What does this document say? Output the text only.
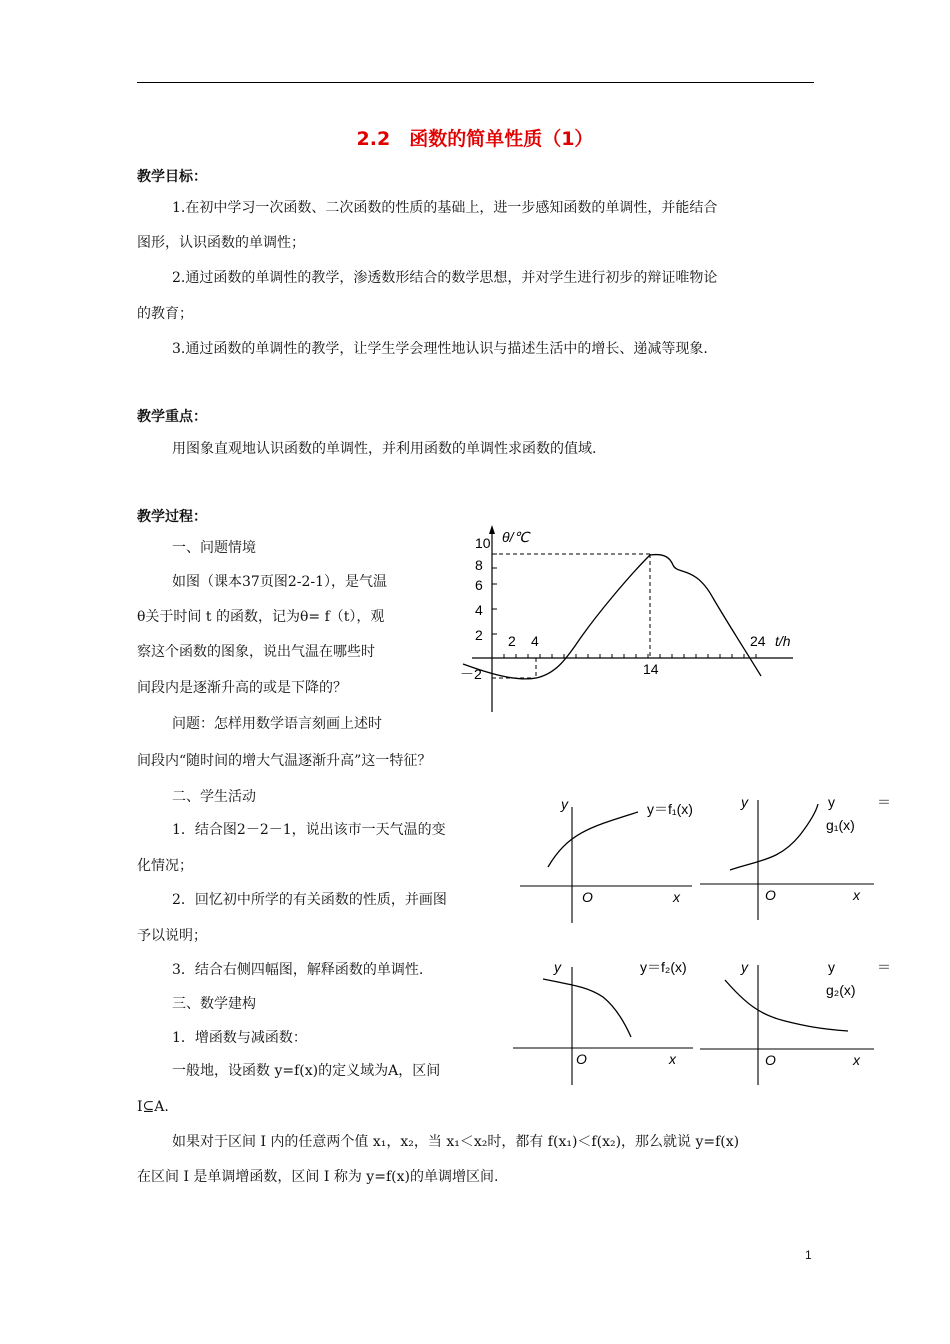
2.2　函数的简单性质（1）
教学目标：
1.在初中学习一次函数、二次函数的性质的基础上，进一步感知函数的单调性，并能结合
图形，认识函数的单调性；
2.通过函数的单调性的教学，渗透数形结合的数学思想，并对学生进行初步的辩证唯物论
的教育；
3.通过函数的单调性的教学，让学生学会理性地认识与描述生活中的增长、递减等现象.
教学重点：
用图象直观地认识函数的单调性，并利用函数的单调性求函数的值域.
教学过程：
一、问题情境
如图（课本37页图2-2-1），是气温
θ关于时间 t 的函数，记为θ= f（t），观
察这个函数的图象，说出气温在哪些时
间段内是逐渐升高的或是下降的？
问题：怎样用数学语言刻画上述时
间段内“随时间的增大气温逐渐升高”这一特征？
二、学生活动
1．结合图2－2－1，说出该市一天气温的变
化情况；
2．回忆初中所学的有关函数的性质，并画图
予以说明；
3．结合右侧四幅图，解释函数的单调性.
三、数学建构
1．增函数与减函数：
一般地，设函数 y=f(x)的定义域为A，区间
I⊆A.
如果对于区间 I 内的任意两个值 x₁，x₂，当 x₁＜x₂时，都有 f(x₁)＜f(x₂)，那么就说 y=f(x)
在区间 I 是单调增函数，区间 I 称为 y=f(x)的单调增区间.
θ/℃
10
8
6
4
2
－2
2 4
14
24 t/h
y
O	x
y＝f₁(x)	y
O	x
y　　　＝
g₁(x)
y
O	x
y＝f₂(x)	y
O	x
y　　　＝
g₂(x)
1
